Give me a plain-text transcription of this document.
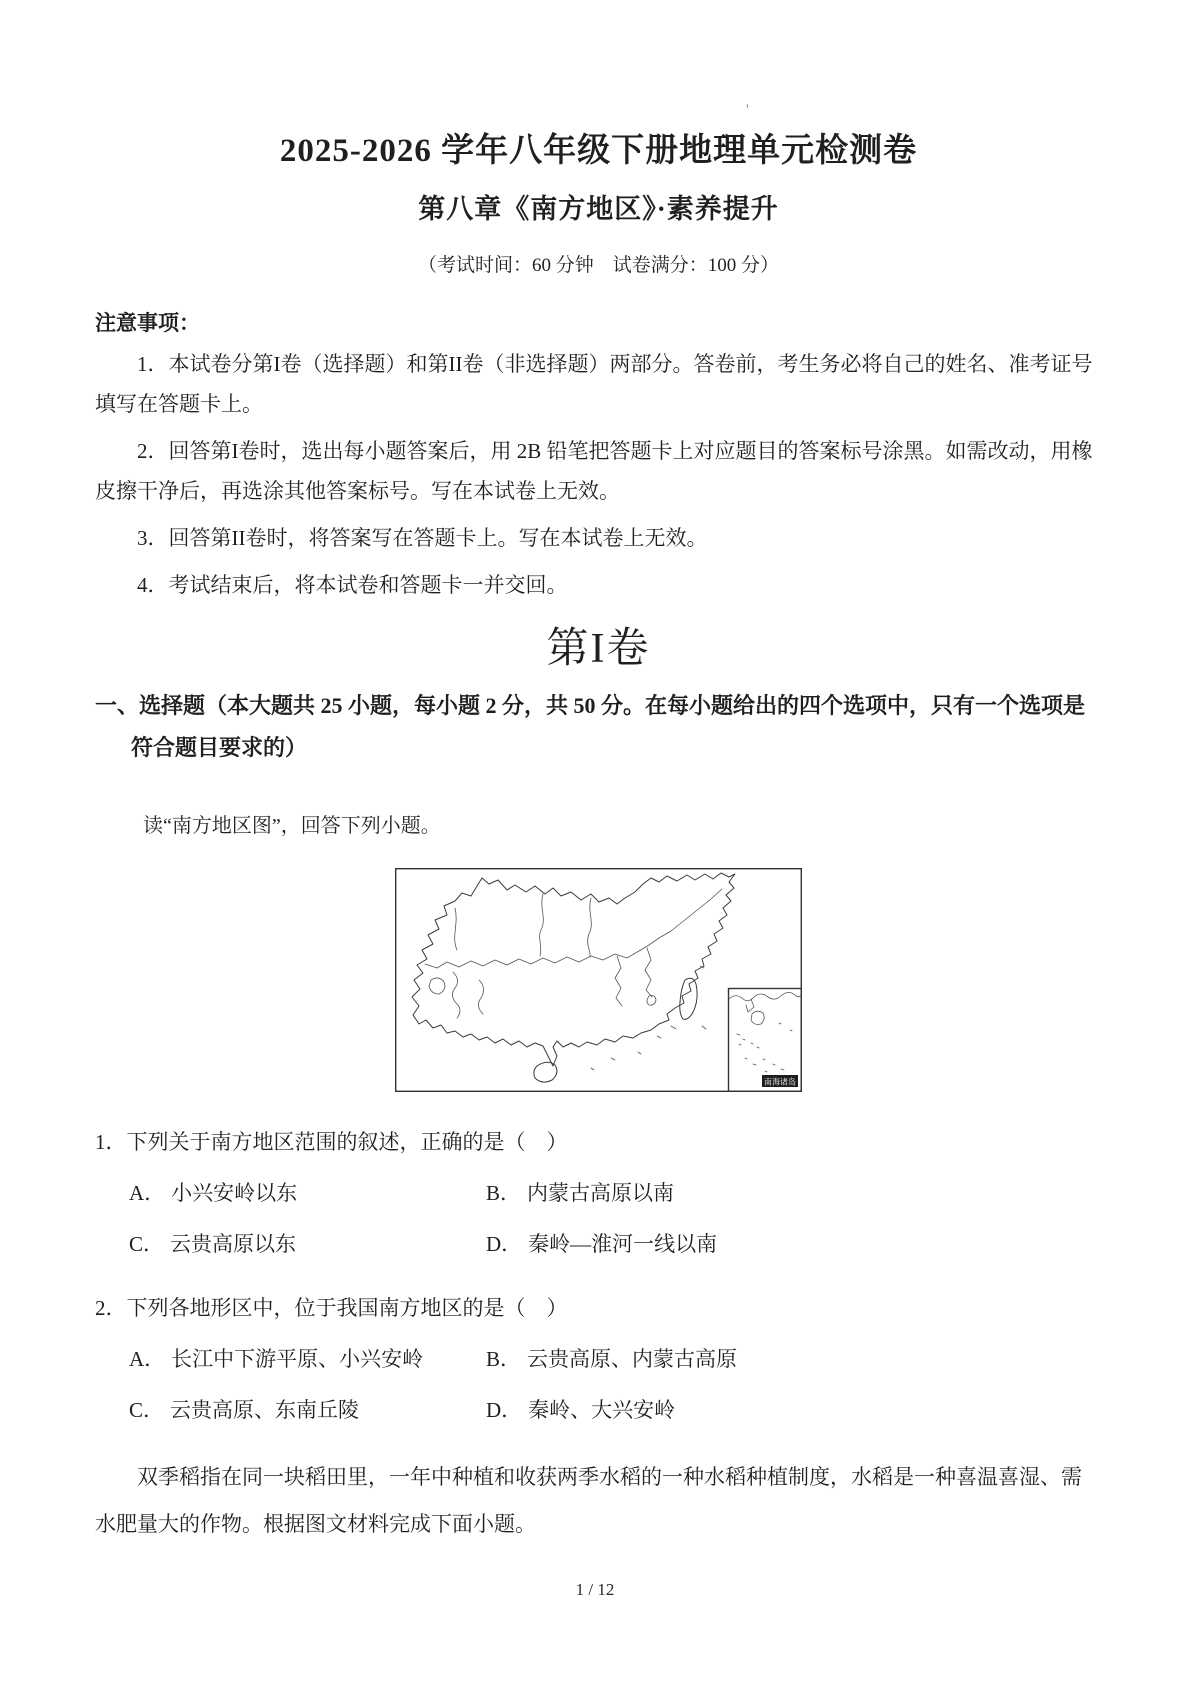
'
2025-2026 学年八年级下册地理单元检测卷
第八章《南方地区》·素养提升
（考试时间：60 分钟　试卷满分：100 分）
注意事项：
1．本试卷分第I卷（选择题）和第II卷（非选择题）两部分。答卷前，考生务必将自己的姓名、准考证号填写在答题卡上。
2．回答第I卷时，选出每小题答案后，用 2B 铅笔把答题卡上对应题目的答案标号涂黑。如需改动，用橡皮擦干净后，再选涂其他答案标号。写在本试卷上无效。
3．回答第II卷时，将答案写在答题卡上。写在本试卷上无效。
4．考试结束后，将本试卷和答题卡一并交回。
第I卷
一、选择题（本大题共 25 小题，每小题 2 分，共 50 分。在每小题给出的四个选项中，只有一个选项是符合题目要求的）
读“南方地区图”，回答下列小题。
南海诸岛
1．下列关于南方地区范围的叙述，正确的是（　）
A． 小兴安岭以东	B． 内蒙古高原以南
C． 云贵高原以东	D． 秦岭—淮河一线以南
2．下列各地形区中，位于我国南方地区的是（　）
A． 长江中下游平原、小兴安岭	B． 云贵高原、内蒙古高原
C． 云贵高原、东南丘陵	D． 秦岭、大兴安岭
双季稻指在同一块稻田里，一年中种植和收获两季水稻的一种水稻种植制度，水稻是一种喜温喜湿、需水肥量大的作物。根据图文材料完成下面小题。
1 / 12
